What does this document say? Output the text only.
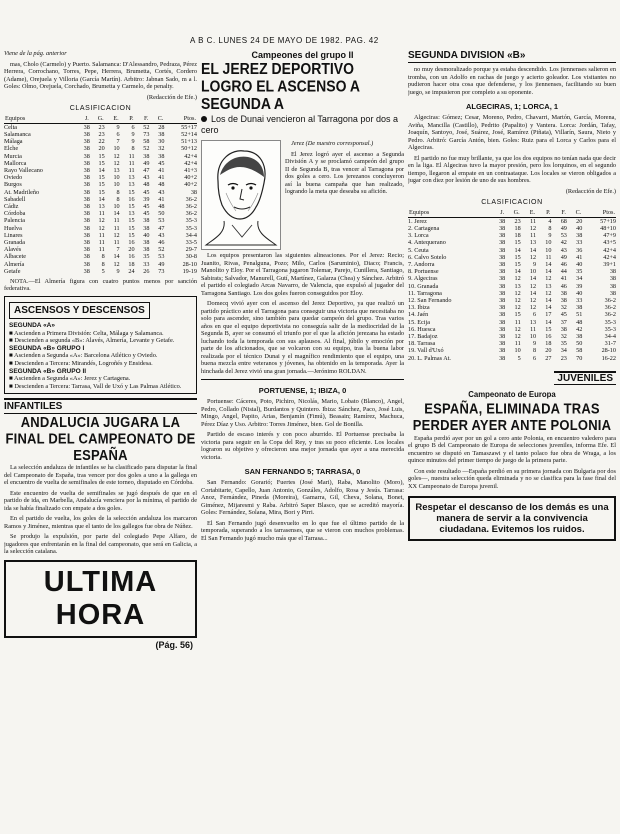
A B C. LUNES 24 DE MAYO DE 1982. PAG. 42

Viene de la pág. anterior

mas, Cholo (Carmelo) y Puerto. Salamanca: D'Alessandro, Pedraza, Pérez Herrera, Corrochano, Torres, Pepe, Herrera, Brumetta, Cortés, Cordero (Adame), Orejuela y Villoria (García Martín). Arbitro: Jabnan Sado, m a l. Goles: Olmo, Orejuela, Corchado, Brumetta y Carmelo, de penalty.

(Redacción de Efe.)
CLASIFICACION
Equipos	J.	G.	E.	P.	F.	C.	Ptos.
Celta	38	23	9	6	52	28	55+17
Salamanca	38	23	6	9	73	38	52+14
Málaga	38	22	7	9	58	30	51+13
Elche	38	20	10	8	52	32	50+12
Murcia	38	15	12	11	38	38	42+4
Mallorca	38	15	12	11	49	45	42+4
Rayo Vallecano	38	14	13	11	47	41	41+3
Oviedo	38	15	10	13	43	41	40+2
Burgos	38	15	10	13	48	48	40+2
At. Madrileño	38	15	8	15	45	43	38
Sabadell	38	14	8	16	39	41	36-2
Cádiz	38	13	10	15	45	48	36-2
Córdoba	38	11	14	13	45	50	36-2
Palencia	38	12	11	15	38	53	35-3
Huelva	38	12	11	15	38	47	35-3
Linares	38	11	12	15	40	43	34-4
Granada	38	11	11	16	38	46	33-5
Alavés	38	11	7	20	38	52	29-7
Albacete	38	8	14	16	35	53	30-8
Almería	38	8	12	18	33	49	28-10
Getafe	38	5	9	24	26	73	19-19

NOTA.—El Almería figura con cuatro puntos menos por sanción federativa.

ASCENSOS Y DESCENSOS
SEGUNDA «A»
■ Ascienden a Primera División: Celta, Málaga y Salamanca.
■ Descienden a segunda «B»: Alavés, Almería, Levante y Getafe.
SEGUNDA «B» GRUPO I
■ Ascienden a Segunda «A»: Barcelona Atlético y Oviedo.
■ Descienden a Tercera: Mirandés, Logroñés y Ensidesa.
SEGUNDA «B» GRUPO II
■ Ascienden a Segunda «A»: Jerez y Cartagena.
■ Descienden a Tercera: Tarrasa, Vall de Uxó y Las Palmas Atlético.
INFANTILES
ANDALUCIA JUGARA LA FINAL DEL CAMPEONATO DE ESPAÑA

La selección andaluza de infantiles se ha clasificado para disputar la final del Campeonato de España, tras vencer por dos goles a uno a la gallega en el encuentro de vuelta de semifinales de este torneo, disputado en Córdoba.

Este encuentro de vuelta de semifinales se jugó después de que en el partido de ida, en Marbella, Andalucía venciera por la mínima, el partido de ida se había finalizado con empate a dos goles.

En el partido de vuelta, los goles de la selección andaluza los marcaron Ramos y Jiménez, mientras que el tanto de los gallegos fue obra de Núñez.

Se produjo la expulsión, por parte del colegiado Pepe Alfaro, de jugadores que enfrentarán en la final del campeonato, que será en Galicia, a la selección catalana.

ULTIMA HORA
(Pág. 56)
Campeones del grupo II
EL JEREZ DEPORTIVO LOGRO EL ASCENSO A SEGUNDA A
Los de Dunai vencieron al Tarragona por dos a cero

Jerez (De nuestro corresponsal.)

El Jerez logró ayer el ascenso a Segunda División A y se proclamó campeón del grupo II de Segunda B, tras vencer al Tarragona por dos goles a cero. Los jerezanos concluyeron así la buena campaña que han realizado, logrando la meta que deseaba su afición.

Los equipos presentaron las siguientes alineaciones. Por el Jerez: Recio; Juanito, Rivas, Penalguna, Pozo; Milo, Carlos (Saruminio), Diaco; Francis, Manolito y Eloy. Por el Tarragona jugaron Tolemar, Parejo, Cunillera, Santiago, Sabirats; Salvador, Manurell, Gutí, Martínez, Galarza (Chea) y Sánchez. Arbitró el partido el colegiado Arcas Navarro, de Valencia, que expulsó al jugador del Tarragona Santiago. Los dos goles fueron conseguidos por Eloy.

Domecq vivió ayer con el ascenso del Jerez Deportivo, ya que realizó un partido práctico ante el Tarragona para conseguir una victoria que necesitaba no solo para ascender, sino también para quedar campeón del grupo. Tras varios años en que el equipo deportivista no conseguía salir de la mediocridad de la Segunda B, ayer se consumó el triunfo por el que la afición jerezana ha estado luchando toda la temporada con sus aplausos. Al final, júbilo y emoción por parte de los aficionados, que se volcaron con su equipo, tras la buena labor realizada por el técnico Dunai y el magnífico rendimiento que el equipo, una buena mezcla entre veteranos y jóvenes, ha obtenido en la temporada. Ayer la hinchada del Jerez vivió una gran jornada.—Jerónimo ROLDAN.

PORTUENSE, 1; IBIZA, 0

Portuense: Cáceres, Poto, Pichiro, Nicolás, Mario, Lobato (Blanco), Angel, Pedro, Collado (Nistal), Burdantos y Quintero. Ibiza: Sánchez, Paco, José Luis, Mingo, Angel, Papito, Arias, Benjamín (Fimú), Beasain; Ramírez, Machuca, Pérez Díaz y Uso. Arbitro: Torres Jiménez, bien. Gol de Bonilla.

Partido de escaso interés y con poco aburrido. El Portuense precisaba la victoria para seguir en la Copa del Rey, y tras su poco eficiente. Los locales lograron su objetivo y ofrecieron una mejor jornada que ayer a una merecida victoria.

SAN FERNANDO 5; TARRASA, 0

San Fernando: Gorarió; Fuertes (José Mari), Raba, Manolito (Moro), Cortabitarte, Capello, Juan Antonio, Gonzáles, Adolfo, Rosa y Jesús. Tarrasa: Anoz, Fernández, Pineda (Moreira), Gamarra, Gil, Cheva, Solana, Bonet, Giménez, Mijaresmi y Raba. Arbitró Saper Blasco, que se acreditó mayoría. Goles: Fernández, Solana, Mira, Bori y Pirri.

El San Fernando jugó desenvuelto en lo que fue el último partido de la temporada, superando a los tarrasenses, que se vieron con muchos problemas. El San Fernando jugó mucho más que el Tarrasa...

SEGUNDA DIVISION «B»

no muy desmoralizado porque ya estaba descendido. Los jiennenses salieron en tromba, con un Adolfo en rachas de juego y acierto goleador. Los visitantes no pudieron hacer otra cosa que defenderse, y los jiennenses, facilitando su buen juego, se impusieron por completo a su oponente.

ALGECIRAS, 1; LORCA, 1

Algeciras: Gómez; Cesar, Moreno, Pedro, Chavarri, Martón, García, Morena, Aviña, Mancilla (Castillo), Pedrito (Papalito) y Vantera. Lorca: Jordán, Tafay, Joaquín, Santoyo, José, Suárez, José, Ramírez (Piñata), Villarín, Saura, Nieto y Pedro. Arbitró: García Antón, bien. Goles: Ruiz para el Lorca y Carlos para el Algeciras.

El partido no fue muy brillante, ya que los dos equipos no tenían nada que decir en la liga. El Algeciras tuvo la mayor presión, pero los lorquinos, en el segundo tiempo, llegaron al empate en un contraataque. Los locales se vieron obligados a jugar con diez por lesión de uno de sus hombres.

(Redacción de Efe.)
CLASIFICACION
Equipos	J.	G.	E.	P.	F.	C.	Ptos.
1. Jerez	38	23	11	4	68	20	57+19
2. Cartagena	38	18	12	8	49	40	48+10
3. Lorca	38	18	11	9	53	38	47+9
4. Antequerano	38	15	13	10	42	33	43+5
5. Ceuta	38	14	14	10	43	36	42+4
6. Calvo Sotelo	38	15	12	11	49	41	42+4
7. Andorra	38	15	9	14	46	40	39+1
8. Portuense	38	14	10	14	44	35	38
9. Algeciras	38	12	14	12	41	34	38
10. Granada	38	13	12	13	46	39	38
11. Tarragona	38	12	14	12	38	40	38
12. San Fernando	38	12	12	14	38	33	36-2
13. Ibiza	38	12	12	14	32	38	36-2
14. Jaén	38	15	6	17	45	51	36-2
15. Ecija	38	11	13	14	37	48	35-3
16. Huesca	38	12	11	15	38	42	35-3
17. Badajoz	38	12	10	16	32	38	34-4
18. Tarrasa	38	11	9	18	35	50	31-7
19. Vall d'Uxó	38	10	8	20	34	58	28-10
20. L. Palmas At.	38	5	6	27	23	70	16-22
JUVENILES
Campeonato de Europa
ESPAÑA, ELIMINADA TRAS PERDER AYER ANTE POLONIA

España perdió ayer por un gol a cero ante Polonia, en encuentro valedero para el grupo B del Campeonato de Europa de selecciones juveniles, informa Efe. El encuentro se disputó en Tamaszawi y el tanto polaco fue obra de Wraga, a los quince minutos del primer tiempo de juego de la primera parte.

Con este resultado —España perdió en su primera jornada con Bulgaria por dos goles—, nuestra selección queda eliminada y no se clasifica para la fase final del XX Campeonato de Europa juvenil.

Respetar el descanso de los demás es una manera de servir a la convivencia ciudadana. Evitemos los ruidos.
